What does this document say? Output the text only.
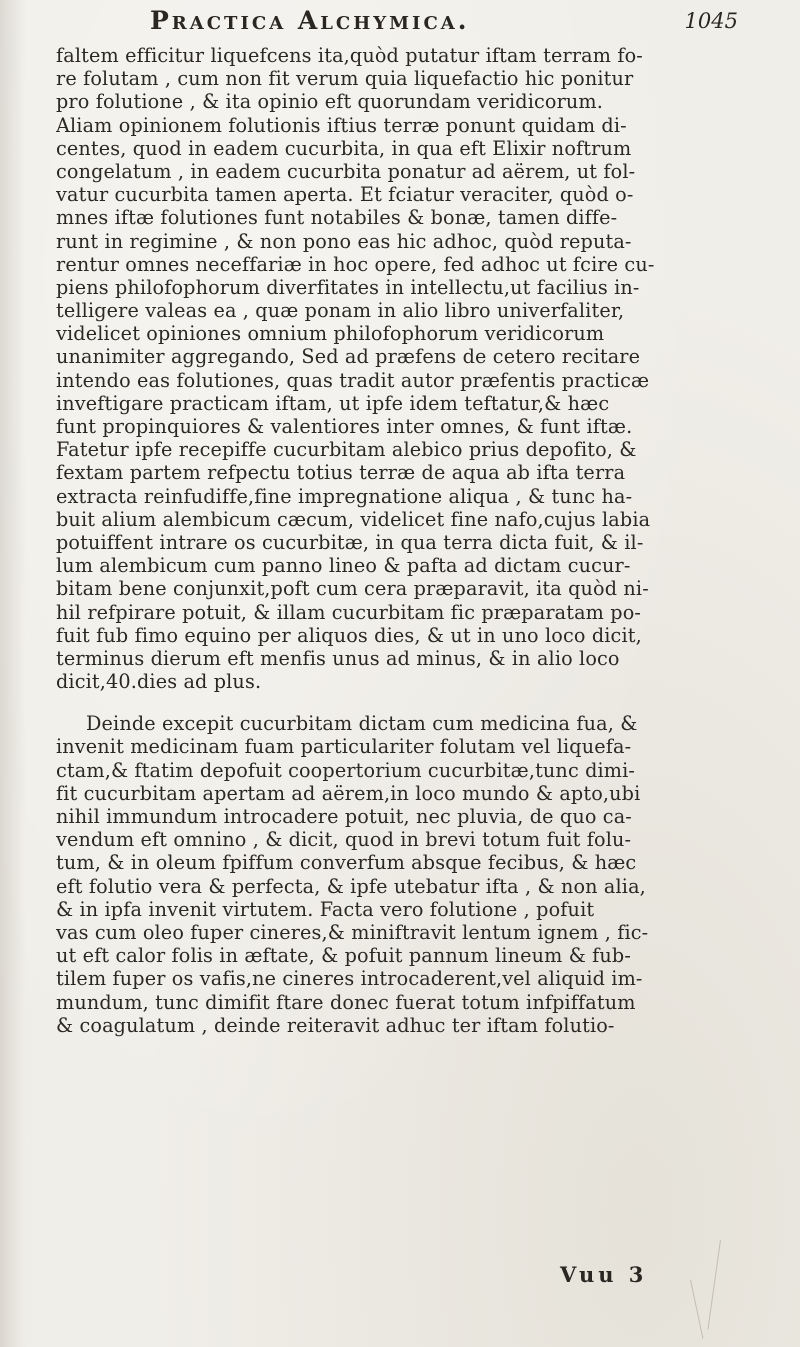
Practica Alchymica.	1045
faltem efficitur liquefcens ita,quòd putatur iftam terram fo-
re folutam , cum non fit verum quia liquefactio hic ponitur
pro folutione , & ita opinio eft quorundam veridicorum.
Aliam opinionem folutionis iftius terræ ponunt quidam di-
centes, quod in eadem cucurbita, in qua eft Elixir noftrum
congelatum , in eadem cucurbita ponatur ad aërem, ut fol-
vatur cucurbita tamen aperta. Et fciatur veraciter, quòd o-
mnes iftæ folutiones funt notabiles & bonæ, tamen diffe-
runt in regimine , & non pono eas hic adhoc, quòd reputa-
rentur omnes neceffariæ in hoc opere, fed adhoc ut fcire cu-
piens philofophorum diverfitates in intellectu,ut facilius in-
telligere valeas ea , quæ ponam in alio libro univerfaliter,
videlicet opiniones omnium philofophorum veridicorum
unanimiter aggregando, Sed ad præfens de cetero recitare
intendo eas folutiones, quas tradit autor præfentis practicæ
inveftigare practicam iftam, ut ipfe idem teftatur,& hæc
funt propinquiores & valentiores inter omnes, & funt iftæ.
Fatetur ipfe recepiffe cucurbitam alebico prius depofito, &
fextam partem refpectu totius terræ de aqua ab ifta terra
extracta reinfudiffe,fine impregnatione aliqua , & tunc ha-
buit alium alembicum cæcum, videlicet fine nafo,cujus labia
potuiffent intrare os cucurbitæ, in qua terra dicta fuit, & il-
lum alembicum cum panno lineo & pafta ad dictam cucur-
bitam bene conjunxit,poft cum cera præparavit, ita quòd ni-
hil refpirare potuit, & illam cucurbitam fic præparatam po-
fuit fub fimo equino per aliquos dies, & ut in uno loco dicit,
terminus dierum eft menfis unus ad minus, & in alio loco
dicit,40.dies ad plus.
Deinde excepit cucurbitam dictam cum medicina fua, &
invenit medicinam fuam particulariter folutam vel liquefa-
ctam,& ftatim depofuit coopertorium cucurbitæ,tunc dimi-
fit cucurbitam apertam ad aërem,in loco mundo & apto,ubi
nihil immundum introcadere potuit, nec pluvia, de quo ca-
vendum eft omnino , & dicit, quod in brevi totum fuit folu-
tum, & in oleum fpiffum converfum absque fecibus, & hæc
eft folutio vera & perfecta, & ipfe utebatur ifta , & non alia,
& in ipfa invenit virtutem. Facta vero folutione , pofuit
vas cum oleo fuper cineres,& miniftravit lentum ignem , fic-
ut eft calor folis in æftate, & pofuit pannum lineum & fub-
tilem fuper os vafis,ne cineres introcaderent,vel aliquid im-
mundum, tunc dimifit ftare donec fuerat totum infpiffatum
& coagulatum , deinde reiteravit adhuc ter iftam folutio-
Vuu 3
